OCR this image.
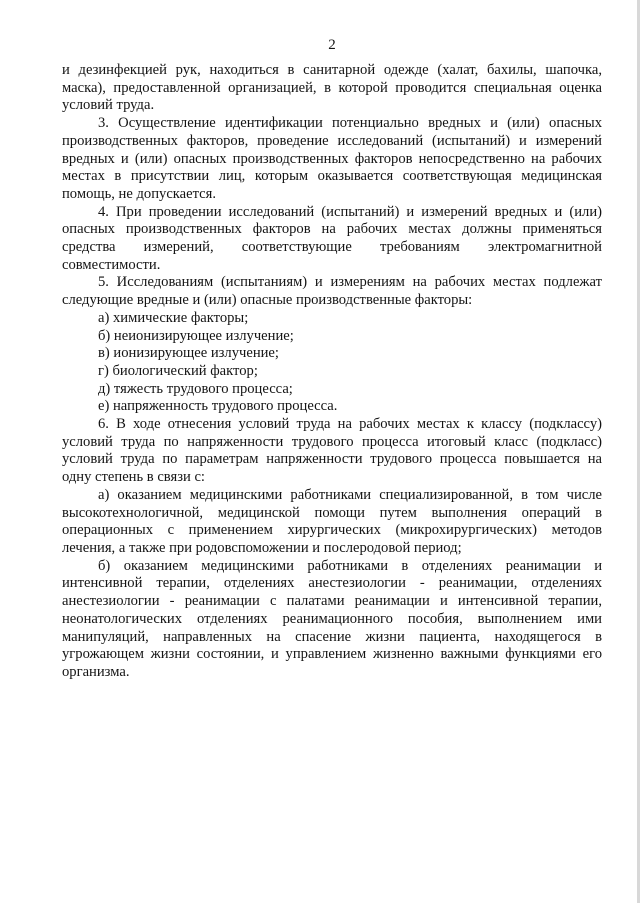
2

и дезинфекцией рук, находиться в санитарной одежде (халат, бахилы, шапочка, маска), предоставленной организацией, в которой проводится специальная оценка условий труда.

3. Осуществление идентификации потенциально вредных и (или) опасных производственных факторов, проведение исследований (испытаний) и измерений вредных и (или) опасных производственных факторов непосредственно на рабочих местах в присутствии лиц, которым оказывается соответствующая медицинская помощь, не допускается.

4. При проведении исследований (испытаний) и измерений вредных и (или) опасных производственных факторов на рабочих местах должны применяться средства измерений, соответствующие требованиям электромагнитной совместимости.

5. Исследованиям (испытаниям) и измерениям на рабочих местах подлежат следующие вредные и (или) опасные производственные факторы:

а) химические факторы;

б) неионизирующее излучение;

в) ионизирующее излучение;

г) биологический фактор;

д) тяжесть трудового процесса;

е) напряженность трудового процесса.

6. В ходе отнесения условий труда на рабочих местах к классу (подклассу) условий труда по напряженности трудового процесса итоговый класс (подкласс) условий труда по параметрам напряженности трудового процесса повышается на одну степень в связи с:

а) оказанием медицинскими работниками специализированной, в том числе высокотехнологичной, медицинской помощи путем выполнения операций в операционных с применением хирургических (микрохирургических) методов лечения, а также при родовспоможении и послеродовой период;

б) оказанием медицинскими работниками в отделениях реанимации и интенсивной терапии, отделениях анестезиологии - реанимации, отделениях анестезиологии - реанимации с палатами реанимации и интенсивной терапии, неонатологических отделениях реанимационного пособия, выполнением ими манипуляций, направленных на спасение жизни пациента, находящегося в угрожающем жизни состоянии, и управлением жизненно важными функциями его организма.
